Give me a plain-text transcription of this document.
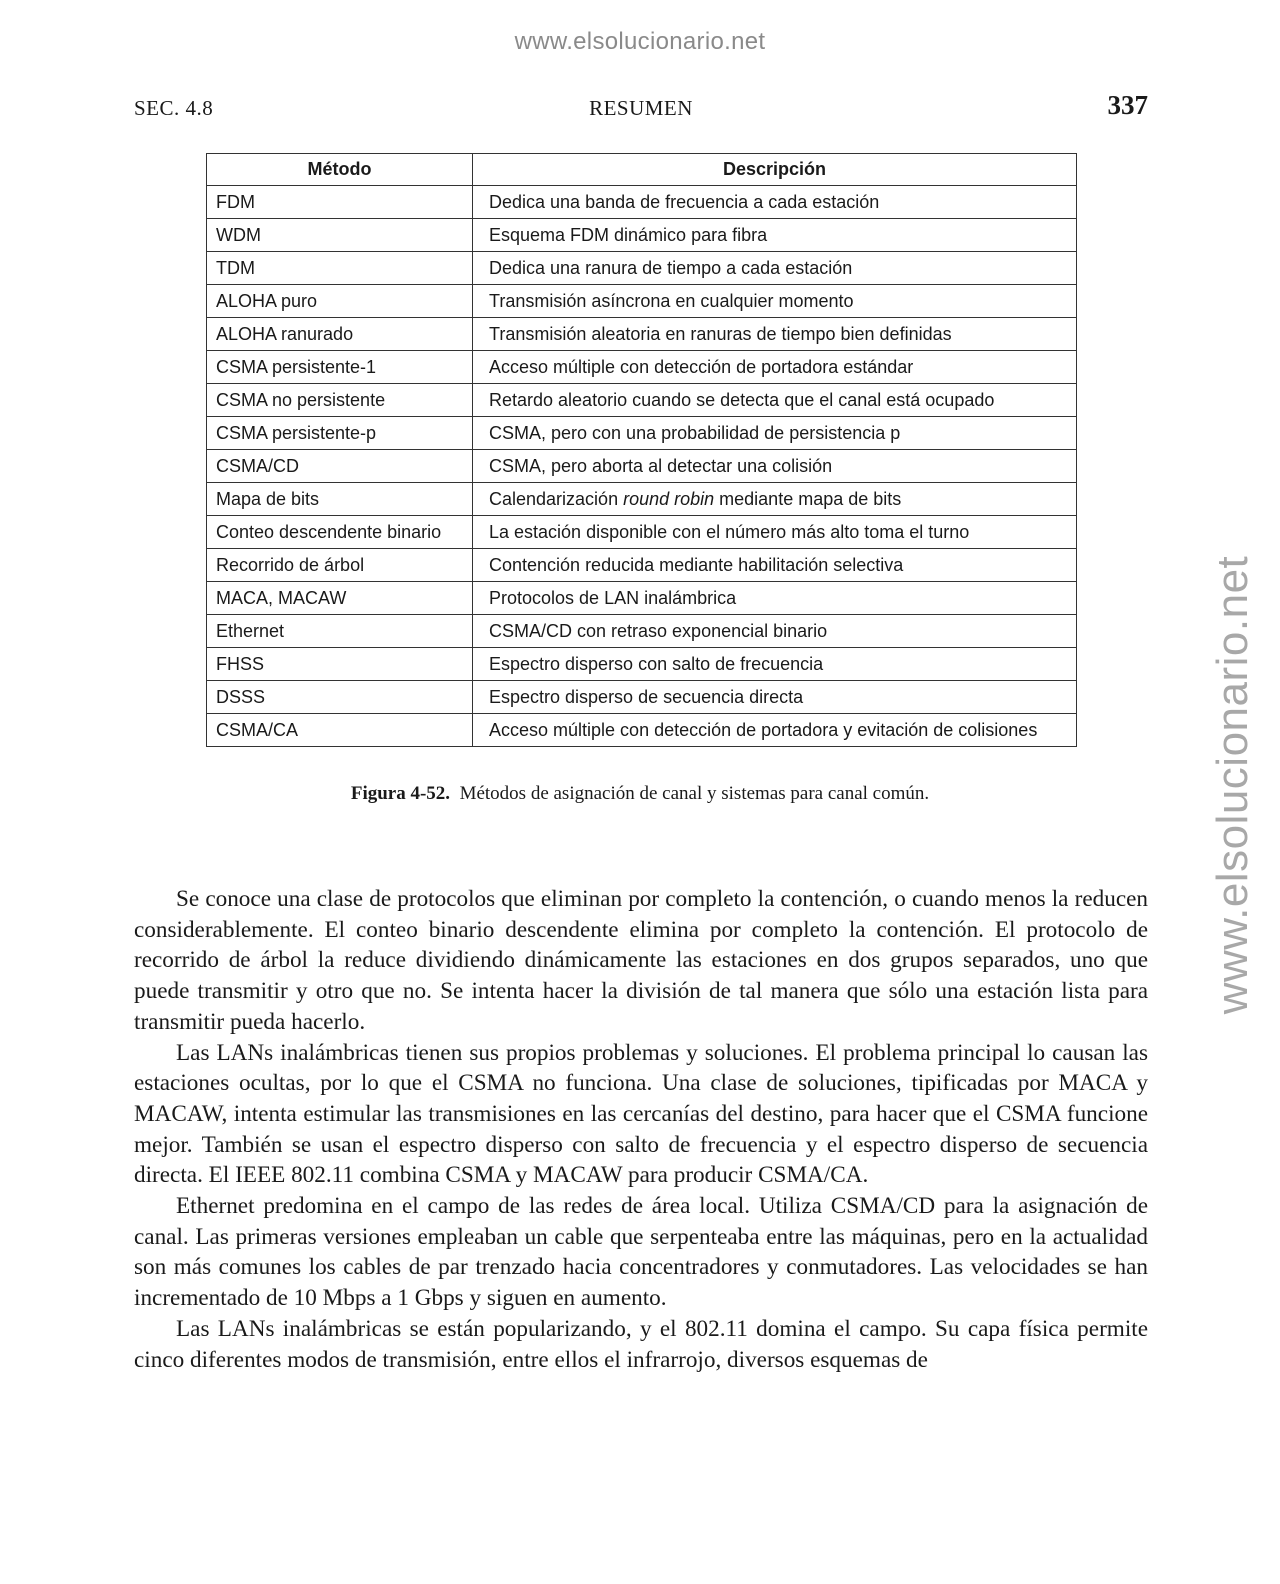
www.elsolucionario.net
www.elsolucionario.net
SEC. 4.8	RESUMEN	337
Método	Descripción
FDM	Dedica una banda de frecuencia a cada estación
WDM	Esquema FDM dinámico para fibra
TDM	Dedica una ranura de tiempo a cada estación
ALOHA puro	Transmisión asíncrona en cualquier momento
ALOHA ranurado	Transmisión aleatoria en ranuras de tiempo bien definidas
CSMA persistente-1	Acceso múltiple con detección de portadora estándar
CSMA no persistente	Retardo aleatorio cuando se detecta que el canal está ocupado
CSMA persistente-p	CSMA, pero con una probabilidad de persistencia p
CSMA/CD	CSMA, pero aborta al detectar una colisión
Mapa de bits	Calendarización round robin mediante mapa de bits
Conteo descendente binario	La estación disponible con el número más alto toma el turno
Recorrido de árbol	Contención reducida mediante habilitación selectiva
MACA, MACAW	Protocolos de LAN inalámbrica
Ethernet	CSMA/CD con retraso exponencial binario
FHSS	Espectro disperso con salto de frecuencia
DSSS	Espectro disperso de secuencia directa
CSMA/CA	Acceso múltiple con detección de portadora y evitación de colisiones
Figura 4-52. Métodos de asignación de canal y sistemas para canal común.

Se conoce una clase de protocolos que eliminan por completo la contención, o cuando menos la reducen considerablemente. El conteo binario descendente elimina por completo la contención. El protocolo de recorrido de árbol la reduce dividiendo dinámicamente las estaciones en dos grupos separados, uno que puede transmitir y otro que no. Se intenta hacer la división de tal manera que sólo una estación lista para transmitir pueda hacerlo.

Las LANs inalámbricas tienen sus propios problemas y soluciones. El problema principal lo causan las estaciones ocultas, por lo que el CSMA no funciona. Una clase de soluciones, tipificadas por MACA y MACAW, intenta estimular las transmisiones en las cercanías del destino, para hacer que el CSMA funcione mejor. También se usan el espectro disperso con salto de frecuencia y el espectro disperso de secuencia directa. El IEEE 802.11 combina CSMA y MACAW para producir CSMA/CA.

Ethernet predomina en el campo de las redes de área local. Utiliza CSMA/CD para la asignación de canal. Las primeras versiones empleaban un cable que serpenteaba entre las máquinas, pero en la actualidad son más comunes los cables de par trenzado hacia concentradores y conmutadores. Las velocidades se han incrementado de 10 Mbps a 1 Gbps y siguen en aumento.

Las LANs inalámbricas se están popularizando, y el 802.11 domina el campo. Su capa física permite cinco diferentes modos de transmisión, entre ellos el infrarrojo, diversos esquemas de
